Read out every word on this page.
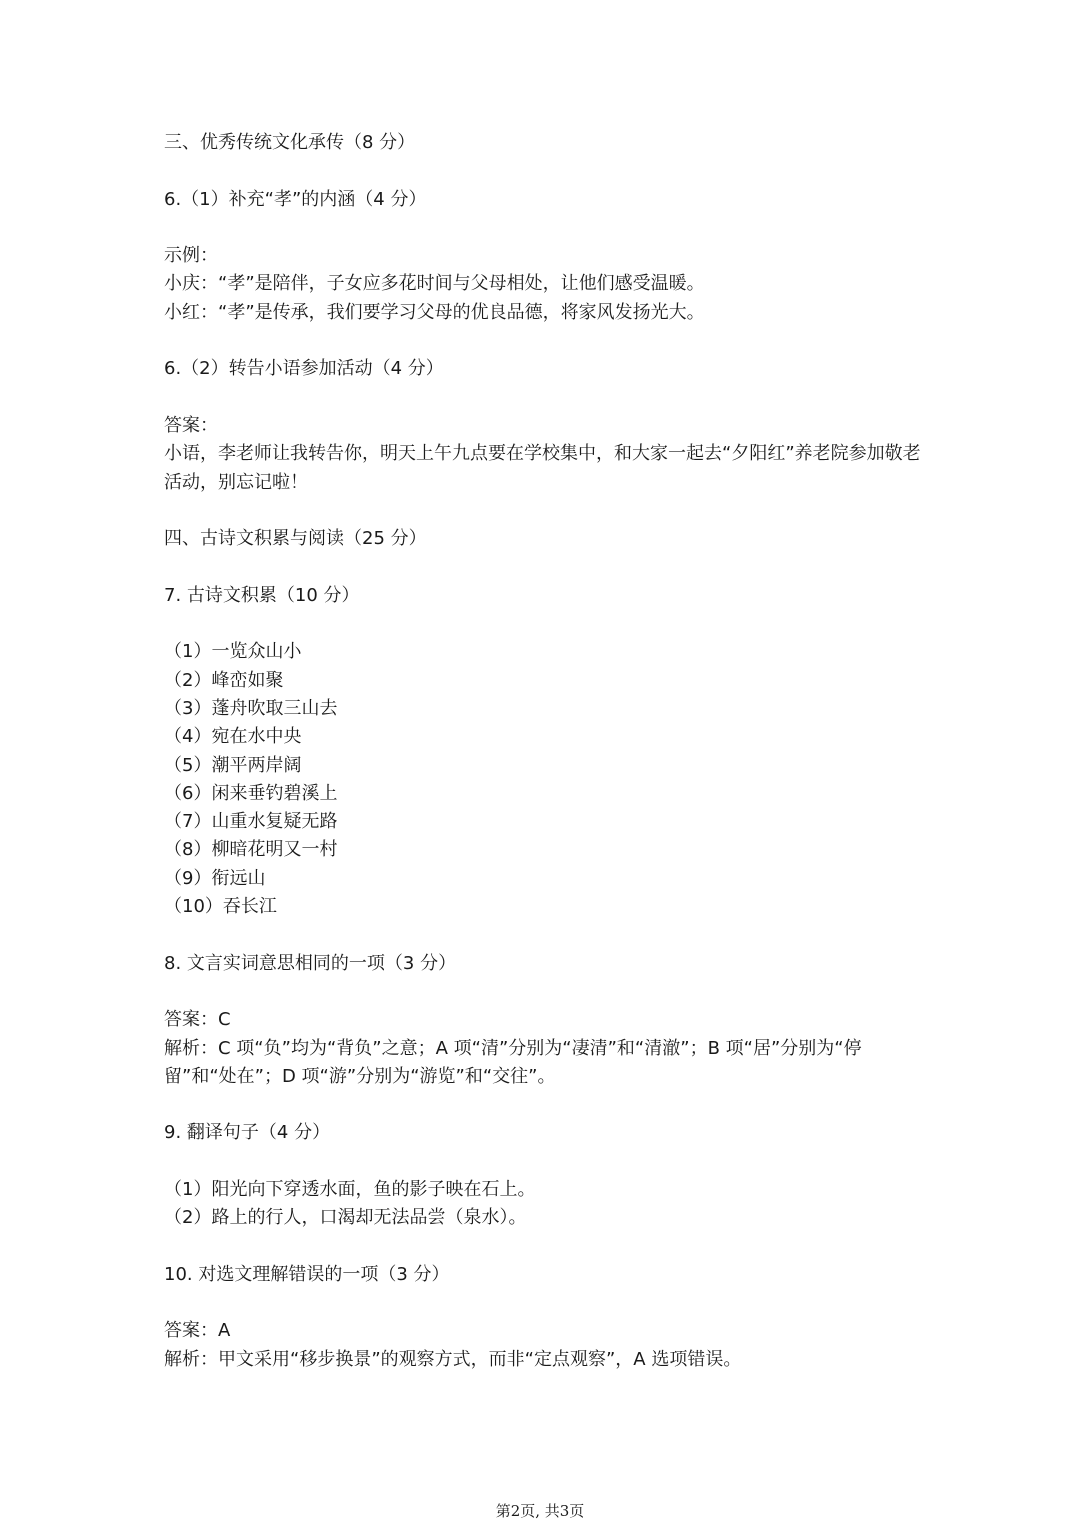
三、优秀传统文化承传（8 分）
6.（1）补充“孝”的内涵（4 分）
示例：
小庆：“孝”是陪伴，子女应多花时间与父母相处，让他们感受温暖。
小红：“孝”是传承，我们要学习父母的优良品德，将家风发扬光大。
6.（2）转告小语参加活动（4 分）
答案：
小语，李老师让我转告你，明天上午九点要在学校集中，和大家一起去“夕阳红”养老院参加敬老活动，别忘记啦！
四、古诗文积累与阅读（25 分）
7. 古诗文积累（10 分）
（1）一览众山小
（2）峰峦如聚
（3）蓬舟吹取三山去
（4）宛在水中央
（5）潮平两岸阔
（6）闲来垂钓碧溪上
（7）山重水复疑无路
（8）柳暗花明又一村
（9）衔远山
（10）吞长江
8. 文言实词意思相同的一项（3 分）
答案：C
解析：C 项“负”均为“背负”之意；A 项“清”分别为“凄清”和“清澈”；B 项“居”分别为“停留”和“处在”；D 项“游”分别为“游览”和“交往”。
9. 翻译句子（4 分）
（1）阳光向下穿透水面，鱼的影子映在石上。
（2）路上的行人，口渴却无法品尝（泉水）。
10. 对选文理解错误的一项（3 分）
答案：A
解析：甲文采用“移步换景”的观察方式，而非“定点观察”，A 选项错误。
第2页, 共3页
